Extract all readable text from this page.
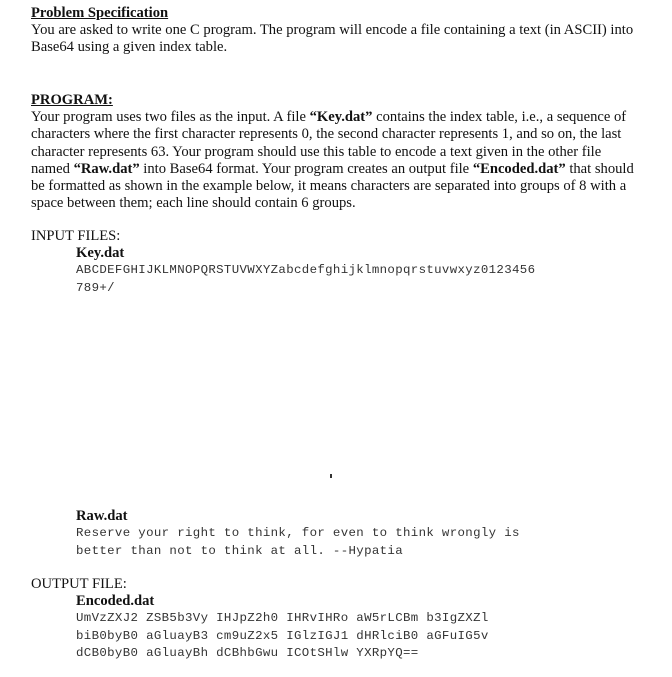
Problem Specification
You are asked to write one C program. The program will encode a file containing a text (in ASCII) into Base64 using a given index table.
PROGRAM:
Your program uses two files as the input. A file “Key.dat” contains the index table, i.e., a sequence of characters where the first character represents 0, the second character represents 1, and so on, the last character represents 63. Your program should use this table to encode a text given in the other file named “Raw.dat” into Base64 format. Your program creates an output file “Encoded.dat” that should be formatted as shown in the example below, it means characters are separated into groups of 8 with a space between them; each line should contain 6 groups.
INPUT FILES:
Key.dat
ABCDEFGHIJKLMNOPQRSTUVWXYZabcdefghijklmnopqrstuvwxyz0123456
789+/
Raw.dat
Reserve your right to think, for even to think wrongly is
better than not to think at all. --Hypatia
OUTPUT FILE:
Encoded.dat
UmVzZXJ2 ZSB5b3Vy IHJpZ2h0 IHRvIHRo aW5rLCBm b3IgZXZl
biB0byB0 aGluayB3 cm9uZ2x5 IGlzIGJ1 dHRlciB0 aGFuIG5v
dCB0byB0 aGluayBh dCBhbGwu ICOtSHlw YXRpYQ==
